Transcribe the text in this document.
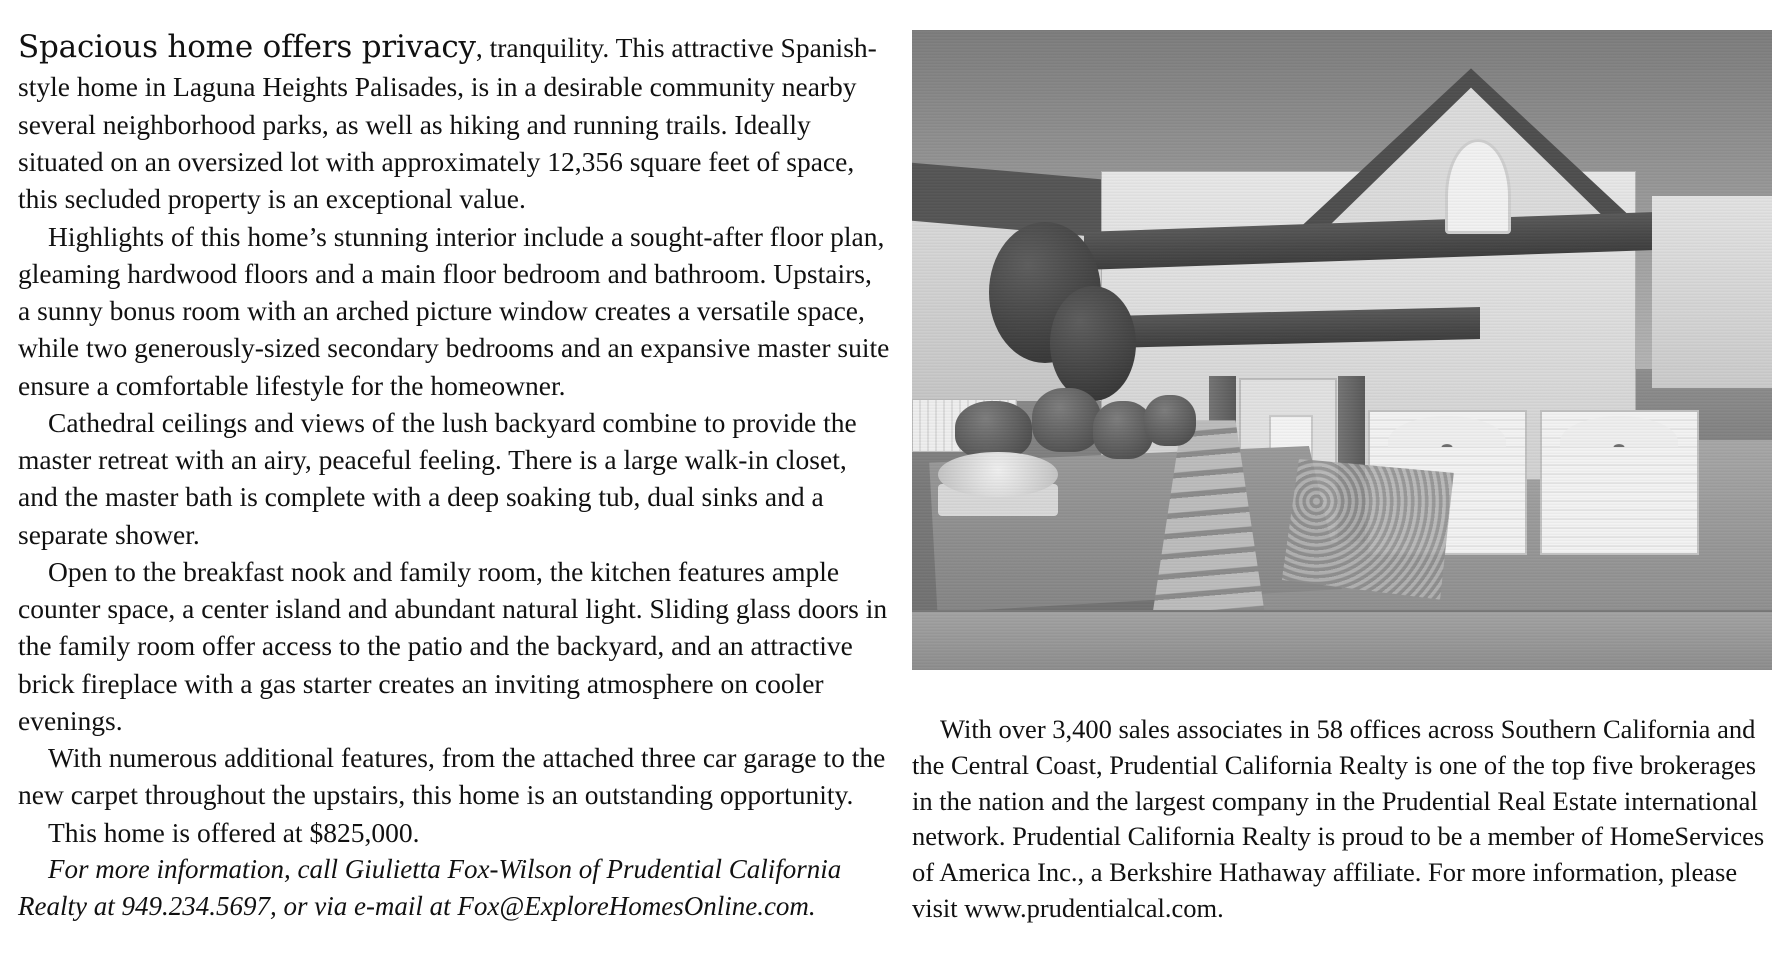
Spacious home offers privacy, tranquility. This attractive Spanish-style home in Laguna Heights Palisades, is in a desirable community nearby several neighborhood parks, as well as hiking and running trails. Ideally situated on an oversized lot with approximately 12,356 square feet of space, this secluded property is an exceptional value.

Highlights of this home’s stunning interior include a sought-after floor plan, gleaming hardwood floors and a main floor bedroom and bathroom. Upstairs, a sunny bonus room with an arched picture window creates a versatile space, while two generously-sized secondary bedrooms and an expansive master suite ensure a comfortable lifestyle for the homeowner.

Cathedral ceilings and views of the lush backyard combine to provide the master retreat with an airy, peaceful feeling. There is a large walk-in closet, and the master bath is complete with a deep soaking tub, dual sinks and a separate shower.

Open to the breakfast nook and family room, the kitchen features ample counter space, a center island and abundant natural light. Sliding glass doors in the family room offer access to the patio and the backyard, and an attractive brick fireplace with a gas starter creates an inviting atmosphere on cooler evenings.

With numerous additional features, from the attached three car garage to the new carpet throughout the upstairs, this home is an outstanding opportunity.

This home is offered at $825,000.

For more information, call Giulietta Fox-Wilson of Prudential California Realty at 949.234.5697, or via e-mail at Fox@ExploreHomesOnline.com.

With over 3,400 sales associates in 58 offices across Southern California and the Central Coast, Prudential California Realty is one of the top five brokerages in the nation and the largest company in the Prudential Real Estate international network. Prudential California Realty is proud to be a member of HomeServices of America Inc., a Berkshire Hathaway affiliate. For more information, please visit www.prudentialcal.com.
